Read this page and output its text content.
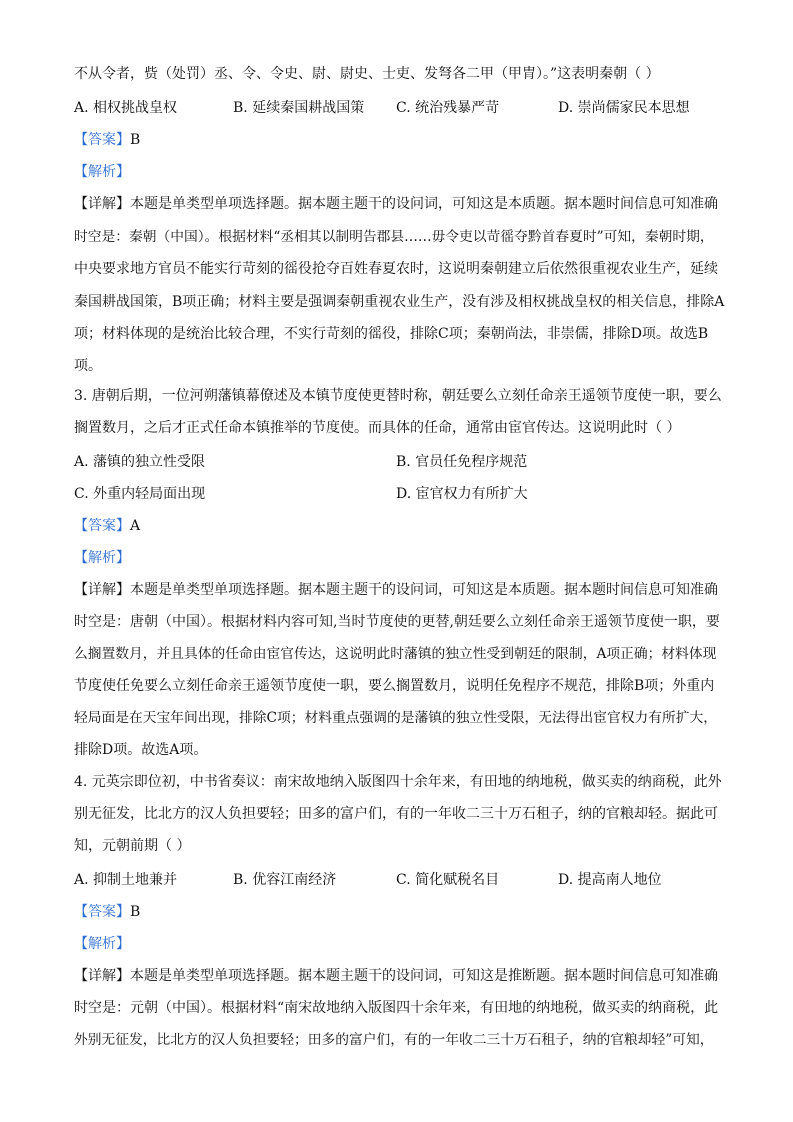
不从令者，赀（处罚）丞、令、令史、尉、尉史、士吏、发弩各二甲（甲胄）。”这表明秦朝（ ）
A. 相权挑战皇权	B. 延续秦国耕战国策 C. 统治残暴严苛	D. 崇尚儒家民本思想
【答案】B
【解析】
【详解】本题是单类型单项选择题。据本题主题干的设问词，可知这是本质题。据本题时间信息可知准确
时空是：秦朝（中国）。根据材料“丞相其以制明告郡县……毋令吏以苛徭夺黔首春夏时”可知，秦朝时期，
中央要求地方官员不能实行苛刻的徭役抢夺百姓春夏农时，这说明秦朝建立后依然很重视农业生产，延续
秦国耕战国策，B项正确；材料主要是强调秦朝重视农业生产，没有涉及相权挑战皇权的相关信息，排除A
项；材料体现的是统治比较合理，不实行苛刻的徭役，排除C项；秦朝尚法，非崇儒，排除D项。故选B
项。
3. 唐朝后期，一位河朔藩镇幕僚述及本镇节度使更替时称，朝廷要么立刻任命亲王遥领节度使一职，要么
搁置数月，之后才正式任命本镇推举的节度使。而具体的任命，通常由宦官传达。这说明此时（ ）
A. 藩镇的独立性受限	B. 官员任免程序规范
C. 外重内轻局面出现	D. 宦官权力有所扩大
【答案】A
【解析】
【详解】本题是单类型单项选择题。据本题主题干的设问词，可知这是本质题。据本题时间信息可知准确
时空是：唐朝（中国）。根据材料内容可知,当时节度使的更替,朝廷要么立刻任命亲王遥领节度使一职，要
么搁置数月，并且具体的任命由宦官传达，这说明此时藩镇的独立性受到朝廷的限制，A项正确；材料体现
节度使任免要么立刻任命亲王遥领节度使一职，要么搁置数月，说明任免程序不规范，排除B项；外重内
轻局面是在天宝年间出现，排除C项；材料重点强调的是藩镇的独立性受限，无法得出宦官权力有所扩大，
排除D项。故选A项。
4. 元英宗即位初，中书省奏议：南宋故地纳入版图四十余年来，有田地的纳地税，做买卖的纳商税，此外
别无征发，比北方的汉人负担要轻；田多的富户们，有的一年收二三十万石租子，纳的官粮却轻。据此可
知，元朝前期（ ）
A. 抑制土地兼并	B. 优容江南经济	C. 简化赋税名目	D. 提高南人地位
【答案】B
【解析】
【详解】本题是单类型单项选择题。据本题主题干的设问词，可知这是推断题。据本题时间信息可知准确
时空是：元朝（中国）。根据材料“南宋故地纳入版图四十余年来，有田地的纳地税，做买卖的纳商税，此
外别无征发，比北方的汉人负担要轻；田多的富户们，有的一年收二三十万石租子，纳的官粮却轻”可知，
